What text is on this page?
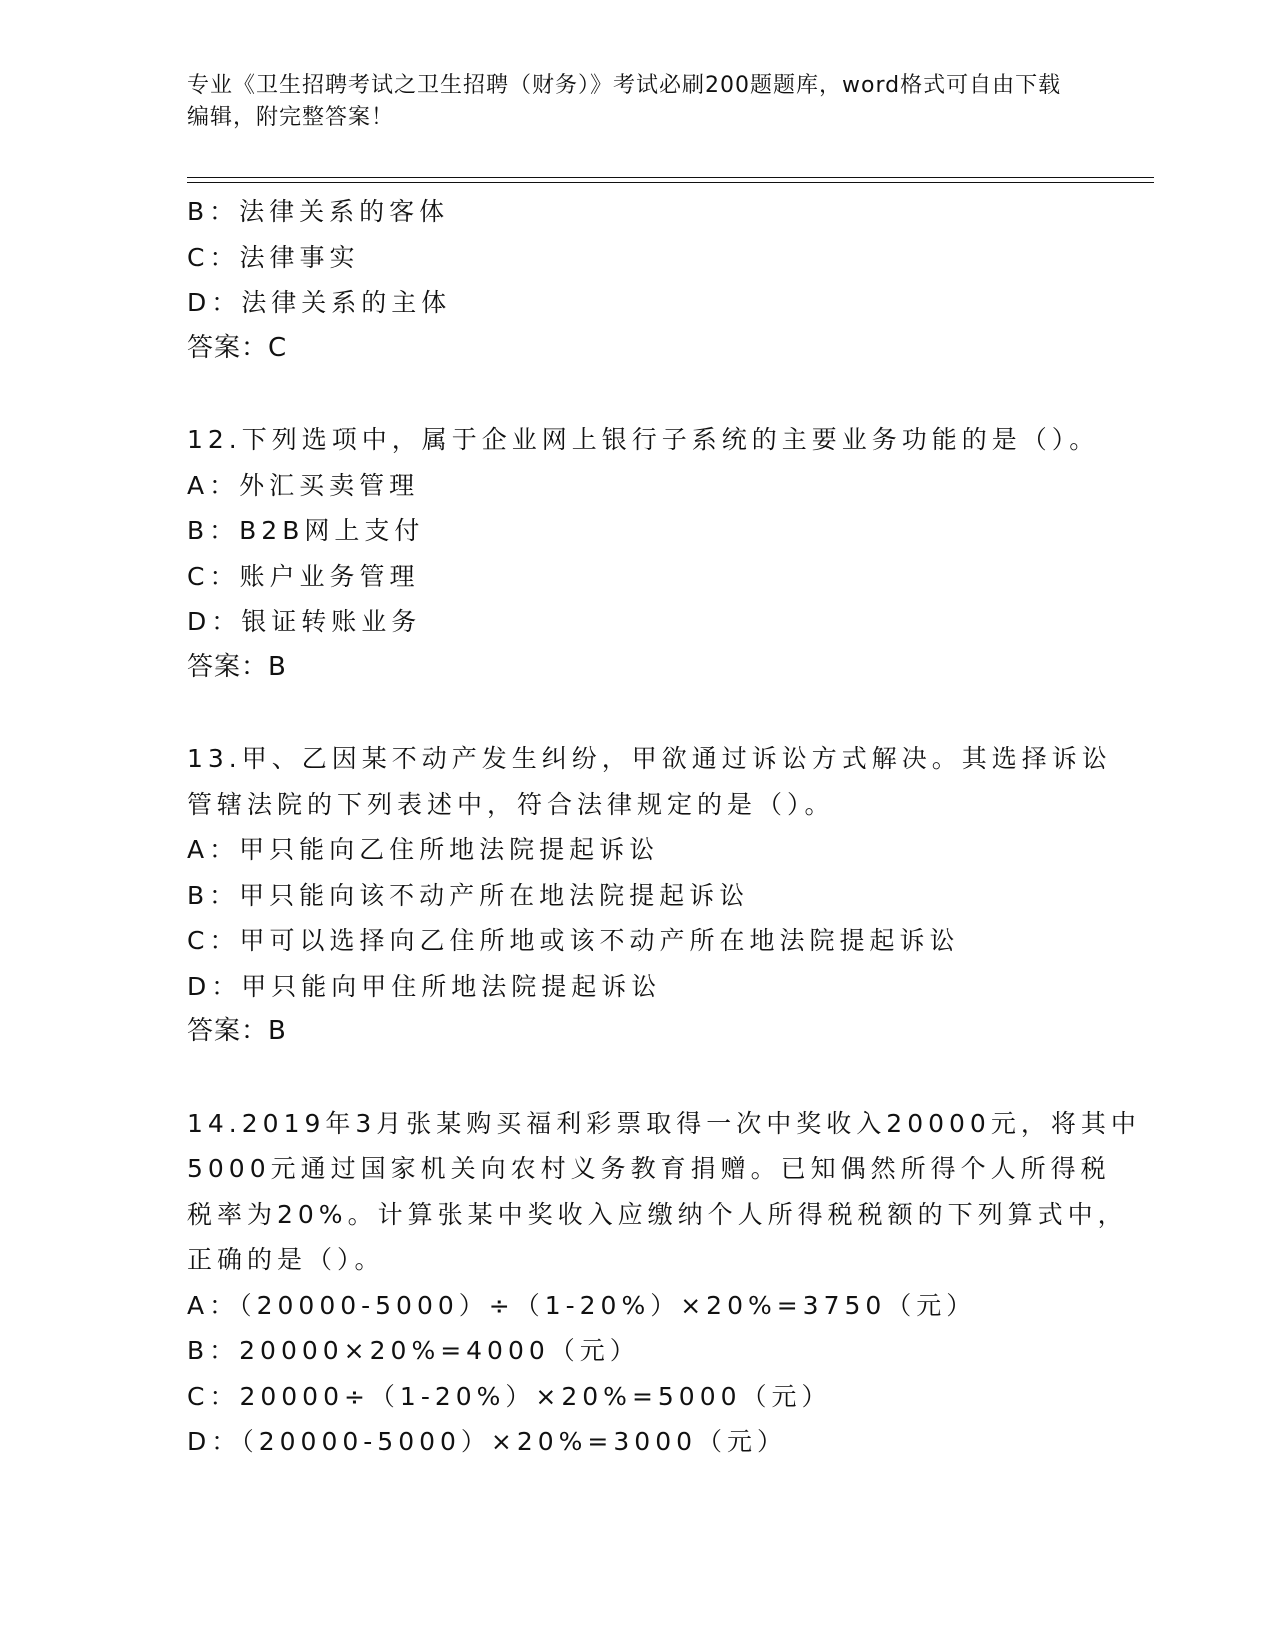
专业《卫生招聘考试之卫生招聘（财务）》考试必刷200题题库，word格式可自由下载编辑，附完整答案！
B：法律关系的客体
C：法律事实
D：法律关系的主体
答案：C
12.下列选项中，属于企业网上银行子系统的主要业务功能的是（）。
A：外汇买卖管理
B：B2B网上支付
C：账户业务管理
D：银证转账业务
答案：B
13.甲、乙因某不动产发生纠纷，甲欲通过诉讼方式解决。其选择诉讼
管辖法院的下列表述中，符合法律规定的是（）。
A：甲只能向乙住所地法院提起诉讼
B：甲只能向该不动产所在地法院提起诉讼
C：甲可以选择向乙住所地或该不动产所在地法院提起诉讼
D：甲只能向甲住所地法院提起诉讼
答案：B
14.2019年3月张某购买福利彩票取得一次中奖收入20000元，将其中
5000元通过国家机关向农村义务教育捐赠。已知偶然所得个人所得税
税率为20%。计算张某中奖收入应缴纳个人所得税税额的下列算式中，
正确的是（）。
A：（20000-5000）÷（1-20%）×20%=3750（元）
B：20000×20%=4000（元）
C：20000÷（1-20%）×20%=5000（元）
D：（20000-5000）×20%=3000（元）
